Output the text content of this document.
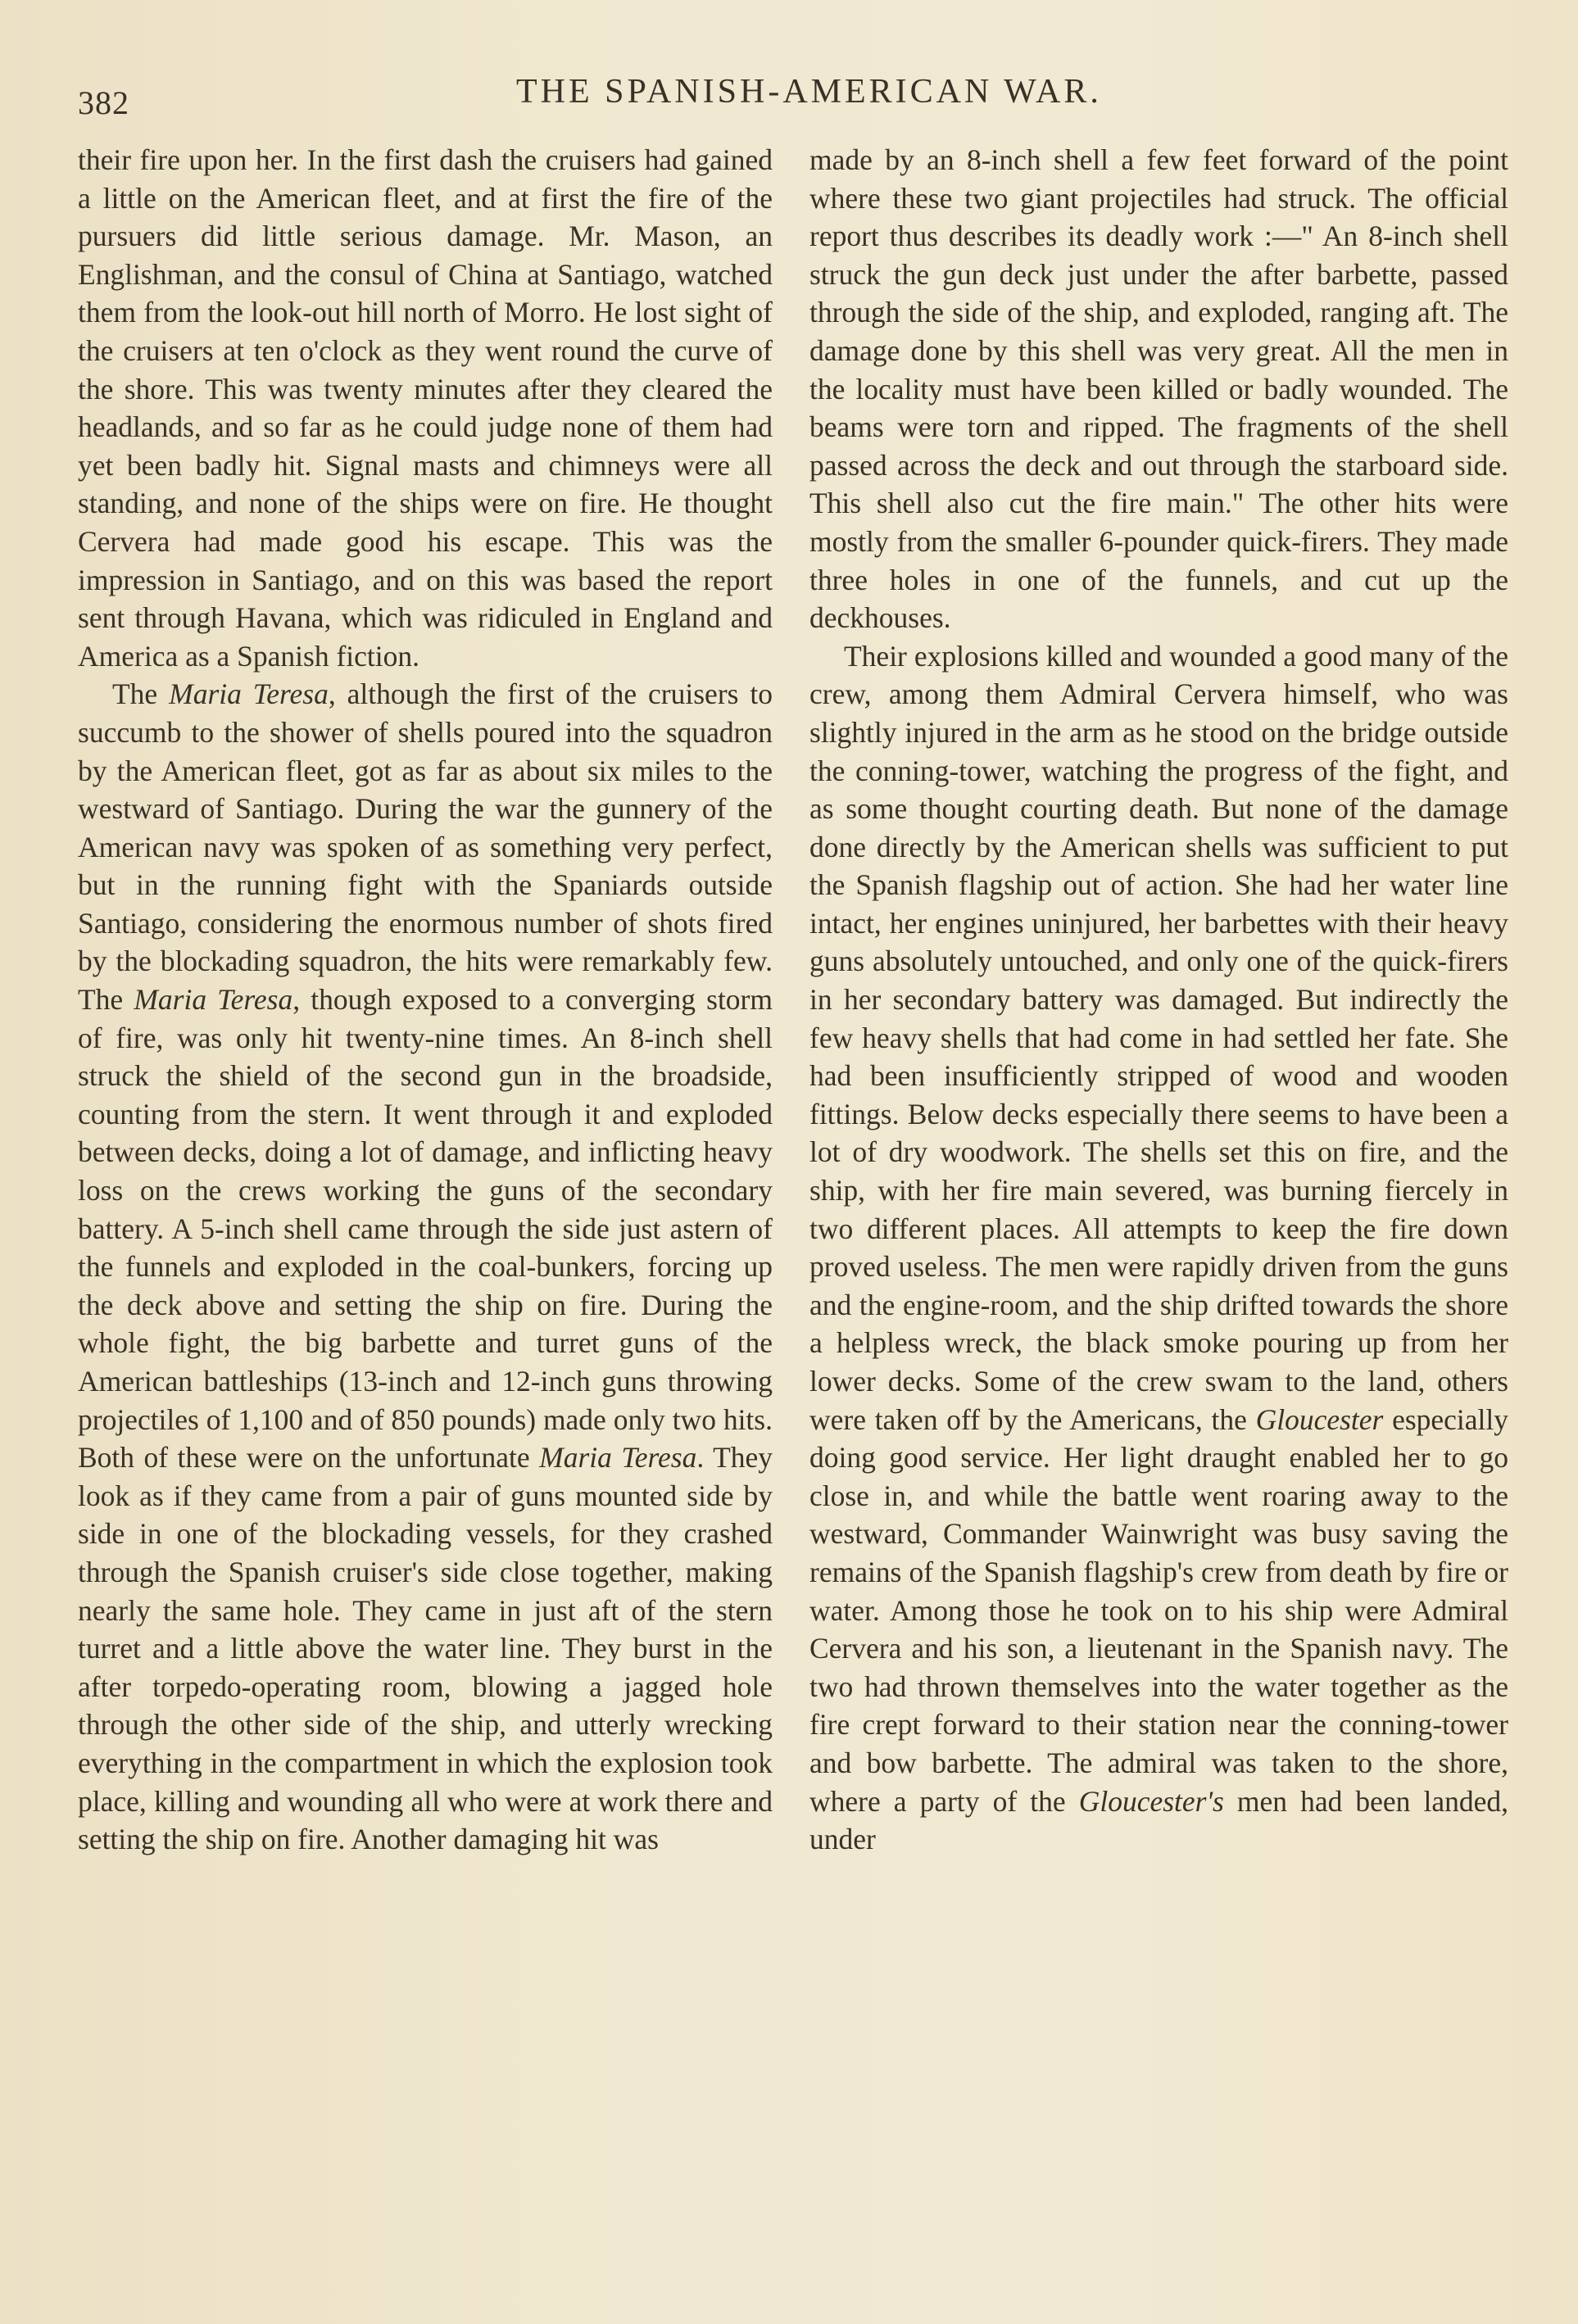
382	THE SPANISH-AMERICAN WAR.

their fire upon her. In the first dash the cruisers had gained a little on the American fleet, and at first the fire of the pursuers did little serious damage. Mr. Mason, an Englishman, and the consul of China at Santiago, watched them from the look-out hill north of Morro. He lost sight of the cruisers at ten o'clock as they went round the curve of the shore. This was twenty minutes after they cleared the headlands, and so far as he could judge none of them had yet been badly hit. Signal masts and chimneys were all standing, and none of the ships were on fire. He thought Cervera had made good his escape. This was the impression in Santiago, and on this was based the report sent through Havana, which was ridiculed in England and America as a Spanish fiction.

The Maria Teresa, although the first of the cruisers to succumb to the shower of shells poured into the squadron by the American fleet, got as far as about six miles to the westward of Santiago. During the war the gunnery of the American navy was spoken of as something very perfect, but in the running fight with the Spaniards outside Santiago, considering the enormous number of shots fired by the blockading squadron, the hits were remarkably few. The Maria Teresa, though exposed to a converging storm of fire, was only hit twenty-nine times. An 8-inch shell struck the shield of the second gun in the broadside, counting from the stern. It went through it and exploded between decks, doing a lot of damage, and inflicting heavy loss on the crews working the guns of the secondary battery. A 5-inch shell came through the side just astern of the funnels and exploded in the coal-bunkers, forcing up the deck above and setting the ship on fire. During the whole fight, the big barbette and turret guns of the American battleships (13-inch and 12-inch guns throwing projectiles of 1,100 and of 850 pounds) made only two hits. Both of these were on the unfortunate Maria Teresa. They look as if they came from a pair of guns mounted side by side in one of the blockading vessels, for they crashed through the Spanish cruiser's side close together, making nearly the same hole. They came in just aft of the stern turret and a little above the water line. They burst in the after torpedo-operating room, blowing a jagged hole through the other side of the ship, and utterly wrecking everything in the compartment in which the explosion took place, killing and wounding all who were at work there and setting the ship on fire. Another damaging hit was

made by an 8-inch shell a few feet forward of the point where these two giant projectiles had struck. The official report thus describes its deadly work :—" An 8-inch shell struck the gun deck just under the after barbette, passed through the side of the ship, and exploded, ranging aft. The damage done by this shell was very great. All the men in the locality must have been killed or badly wounded. The beams were torn and ripped. The fragments of the shell passed across the deck and out through the starboard side. This shell also cut the fire main." The other hits were mostly from the smaller 6-pounder quick-firers. They made three holes in one of the funnels, and cut up the deckhouses.

Their explosions killed and wounded a good many of the crew, among them Admiral Cervera himself, who was slightly injured in the arm as he stood on the bridge outside the conning-tower, watching the progress of the fight, and as some thought courting death. But none of the damage done directly by the American shells was sufficient to put the Spanish flagship out of action. She had her water line intact, her engines uninjured, her barbettes with their heavy guns absolutely untouched, and only one of the quick-firers in her secondary battery was damaged. But indirectly the few heavy shells that had come in had settled her fate. She had been insufficiently stripped of wood and wooden fittings. Below decks especially there seems to have been a lot of dry woodwork. The shells set this on fire, and the ship, with her fire main severed, was burning fiercely in two different places. All attempts to keep the fire down proved useless. The men were rapidly driven from the guns and the engine-room, and the ship drifted towards the shore a helpless wreck, the black smoke pouring up from her lower decks. Some of the crew swam to the land, others were taken off by the Americans, the Gloucester especially doing good service. Her light draught enabled her to go close in, and while the battle went roaring away to the westward, Commander Wainwright was busy saving the remains of the Spanish flagship's crew from death by fire or water. Among those he took on to his ship were Admiral Cervera and his son, a lieutenant in the Spanish navy. The two had thrown themselves into the water together as the fire crept forward to their station near the conning-tower and bow barbette. The admiral was taken to the shore, where a party of the Gloucester's men had been landed, under
